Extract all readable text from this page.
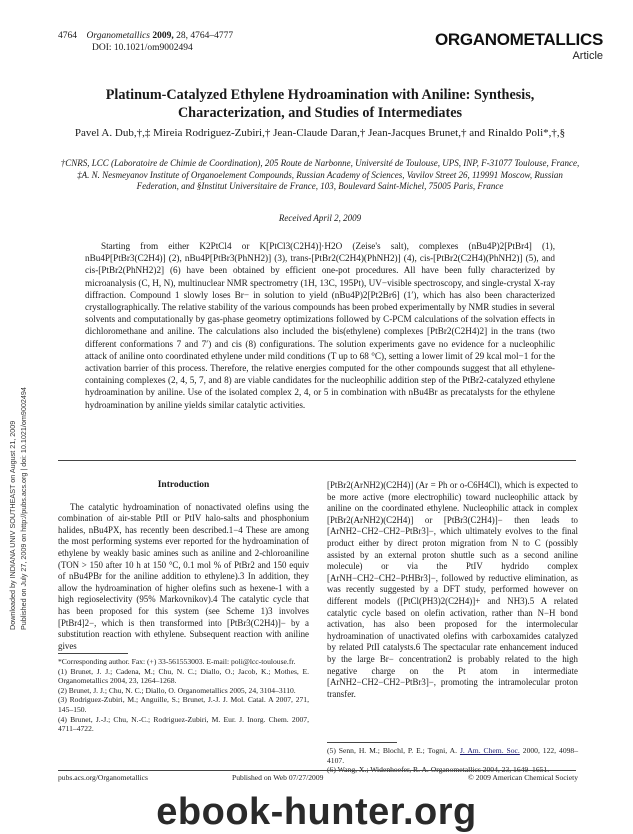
4764 Organometallics 2009, 28, 4764–4777
DOI: 10.1021/om9002494	ORGANOMETALLICS
Article
Platinum-Catalyzed Ethylene Hydroamination with Aniline: Synthesis, Characterization, and Studies of Intermediates
Pavel A. Dub,†,‡ Mireia Rodriguez-Zubiri,† Jean-Claude Daran,† Jean-Jacques Brunet,† and Rinaldo Poli*,†,§
†CNRS, LCC (Laboratoire de Chimie de Coordination), 205 Route de Narbonne, Université de Toulouse, UPS, INP, F-31077 Toulouse, France, ‡A. N. Nesmeyanov Institute of Organoelement Compounds, Russian Academy of Sciences, Vavilov Street 26, 119991 Moscow, Russian Federation, and §Institut Universitaire de France, 103, Boulevard Saint-Michel, 75005 Paris, France
Received April 2, 2009
Starting from either K2PtCl4 or K[PtCl3(C2H4)]·H2O (Zeise's salt), complexes (nBu4P)2[PtBr4] (1), nBu4P[PtBr3(C2H4)] (2), nBu4P[PtBr3(PhNH2)] (3), trans-[PtBr2(C2H4)(PhNH2)] (4), cis-[PtBr2(C2H4)(PhNH2)] (5), and cis-[PtBr2(PhNH2)2] (6) have been obtained by efficient one-pot procedures. All have been fully characterized by microanalysis (C, H, N), multinuclear NMR spectrometry (1H, 13C, 195Pt), UV−visible spectroscopy, and single-crystal X-ray diffraction. Compound 1 slowly loses Br− in solution to yield (nBu4P)2[Pt2Br6] (1′), which has also been characterized crystallographically. The relative stability of the various compounds has been probed experimentally by NMR studies in several solvents and computationally by gas-phase geometry optimizations followed by C-PCM calculations of the solvation effects in dichloromethane and aniline. The calculations also included the bis(ethylene) complexes [PtBr2(C2H4)2] in the trans (two different conformations 7 and 7′) and cis (8) configurations. The solution experiments gave no evidence for a nucleophilic attack of aniline onto coordinated ethylene under mild conditions (T up to 68 °C), setting a lower limit of 29 kcal mol−1 for the activation barrier of this process. Therefore, the relative energies computed for the other compounds suggest that all ethylene-containing complexes (2, 4, 5, 7, and 8) are viable candidates for the nucleophilic addition step of the PtBr2-catalyzed ethylene hydroamination by aniline. Use of the isolated complex 2, 4, or 5 in combination with nBu4Br as precatalysts for the ethylene hydroamination by aniline yields similar catalytic activities.
Introduction

The catalytic hydroamination of nonactivated olefins using the combination of air-stable PtII or PtIV halo-salts and phosphonium halides, nBu4PX, has recently been described.1−4 These are among the most performing systems ever reported for the hydroamination of ethylene by weakly basic amines such as aniline and 2-chloroaniline (TON > 150 after 10 h at 150 °C, 0.1 mol % of PtBr2 and 150 equiv of nBu4PBr for the aniline addition to ethylene).3 In addition, they allow the hydroamination of higher olefins such as hexene-1 with a high regioselectivity (95% Markovnikov).4 The catalytic cycle that has been proposed for this system (see Scheme 1)3 involves [PtBr4]2−, which is then transformed into [PtBr3(C2H4)]− by a substitution reaction with ethylene. Subsequent reaction with aniline gives

[PtBr2(ArNH2)(C2H4)] (Ar = Ph or o-C6H4Cl), which is expected to be more active (more electrophilic) toward nucleophilic attack by aniline on the coordinated ethylene. Nucleophilic attack in complex [PtBr2(ArNH2)(C2H4)] or [PtBr3(C2H4)]− then leads to [ArNH2−CH2−CH2−PtBr3]−, which ultimately evolves to the final product either by direct proton migration from N to C (possibly assisted by an external proton shuttle such as a second aniline molecule) or via the PtIV hydrido complex [ArNH−CH2−CH2−PtHBr3]−, followed by reductive elimination, as was recently suggested by a DFT study, performed however on different models ([PtCl(PH3)2(C2H4)]+ and NH3).5 A related catalytic cycle based on olefin activation, rather than N−H bond activation, has also been proposed for the intermolecular hydroamination of unactivated olefins with carboxamides catalyzed by related PtII catalysts.6 The spectacular rate enhancement induced by the large Br− concentration2 is probably related to the high negative charge on the Pt atom in intermediate [ArNH2−CH2−CH2−PtBr3]−, promoting the intramolecular proton transfer.

*Corresponding author. Fax: (+) 33-561553003. E-mail: poli@lcc-toulouse.fr.

(1) Brunet, J. J.; Cadena, M.; Chu, N. C.; Diallo, O.; Jacob, K.; Mothes, E. Organometallics 2004, 23, 1264–1268.

(2) Brunet, J. J.; Chu, N. C.; Diallo, O. Organometallics 2005, 24, 3104–3110.

(3) Rodriguez-Zubiri, M.; Anguille, S.; Brunet, J.-J. J. Mol. Catal. A 2007, 271, 145–150.

(4) Brunet, J.-J.; Chu, N.-C.; Rodriguez-Zubiri, M. Eur. J. Inorg. Chem. 2007, 4711–4722.

(5) Senn, H. M.; Blochl, P. E.; Togni, A. J. Am. Chem. Soc. 2000, 122, 4098–4107.

(6) Wang, X.; Widenhoefer, R. A. Organometallics 2004, 23, 1649–1651.

pubs.acs.org/Organometallics	Published on Web 07/27/2009	© 2009 American Chemical Society
Downloaded by INDIANA UNIV SOUTHEAST on August 21, 2009 Published on July 27, 2009 on http://pubs.acs.org | doi: 10.1021/om9002494
ebook-hunter.org
